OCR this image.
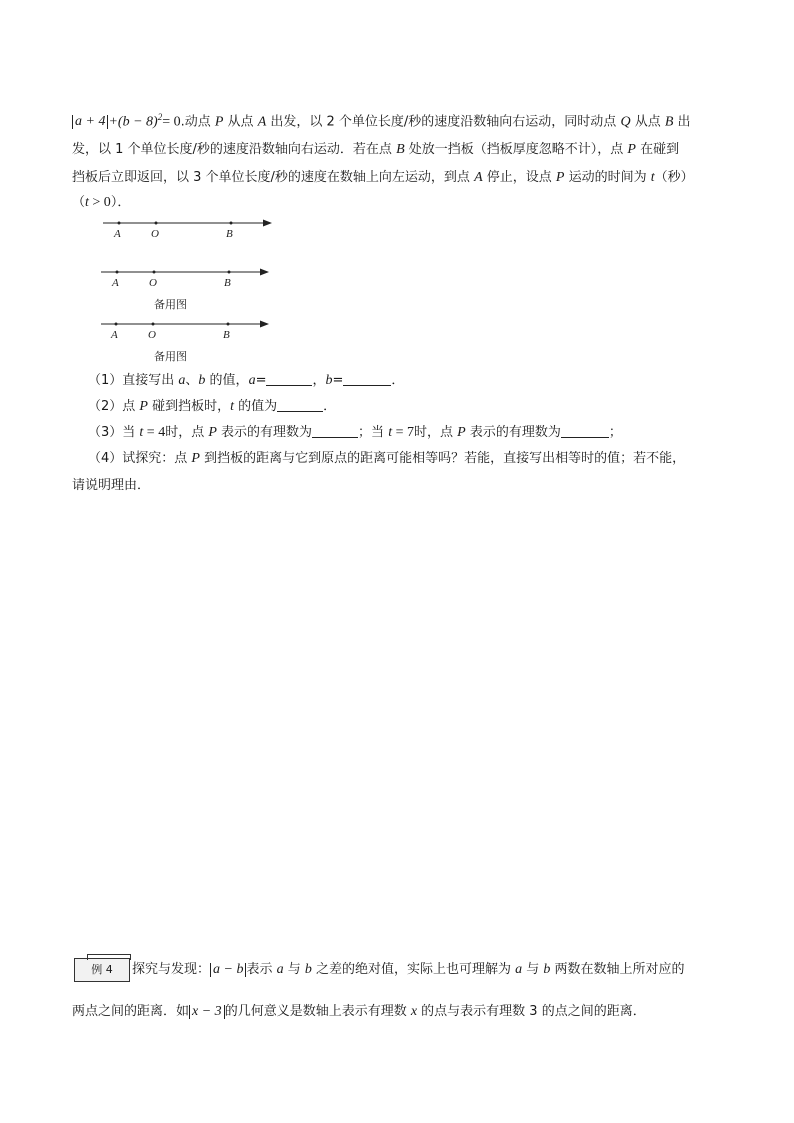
$a + 4 +(b - 8)^2= 0$.动点 P 从点 A 出发，以 2 个单位长度/秒的速度沿数轴向右运动，同时动点 Q 从点 B 出
发，以 1 个单位长度/秒的速度沿数轴向右运动．若在点 B 处放一挡板（挡板厚度忽略不计），点 P 在碰到
挡板后立即返回，以 3 个单位长度/秒的速度在数轴上向左运动，到点 A 停止，设点 P 运动的时间为 t（秒）
（t > 0）．
A	O	B
A	O	B
A	O	B
备用图
备用图
（1）直接写出 a、b 的值，a=	，b=	．
（2）点 P 碰到挡板时，t 的值为	．
（3）当 t = 4时，点 P 表示的有理数为	；当 t = 7时，点 P 表示的有理数为	；
（4）试探究：点 P 到挡板的距离与它到原点的距离可能相等吗？若能，直接写出相等时的值；若不能，
请说明理由．
例 4	探究与发现： a − b 表示 a 与 b 之差的绝对值，实际上也可理解为 a 与 b 两数在数轴上所对应的
两点之间的距离．如 x − 3 的几何意义是数轴上表示有理数 x 的点与表示有理数 3 的点之间的距离．
